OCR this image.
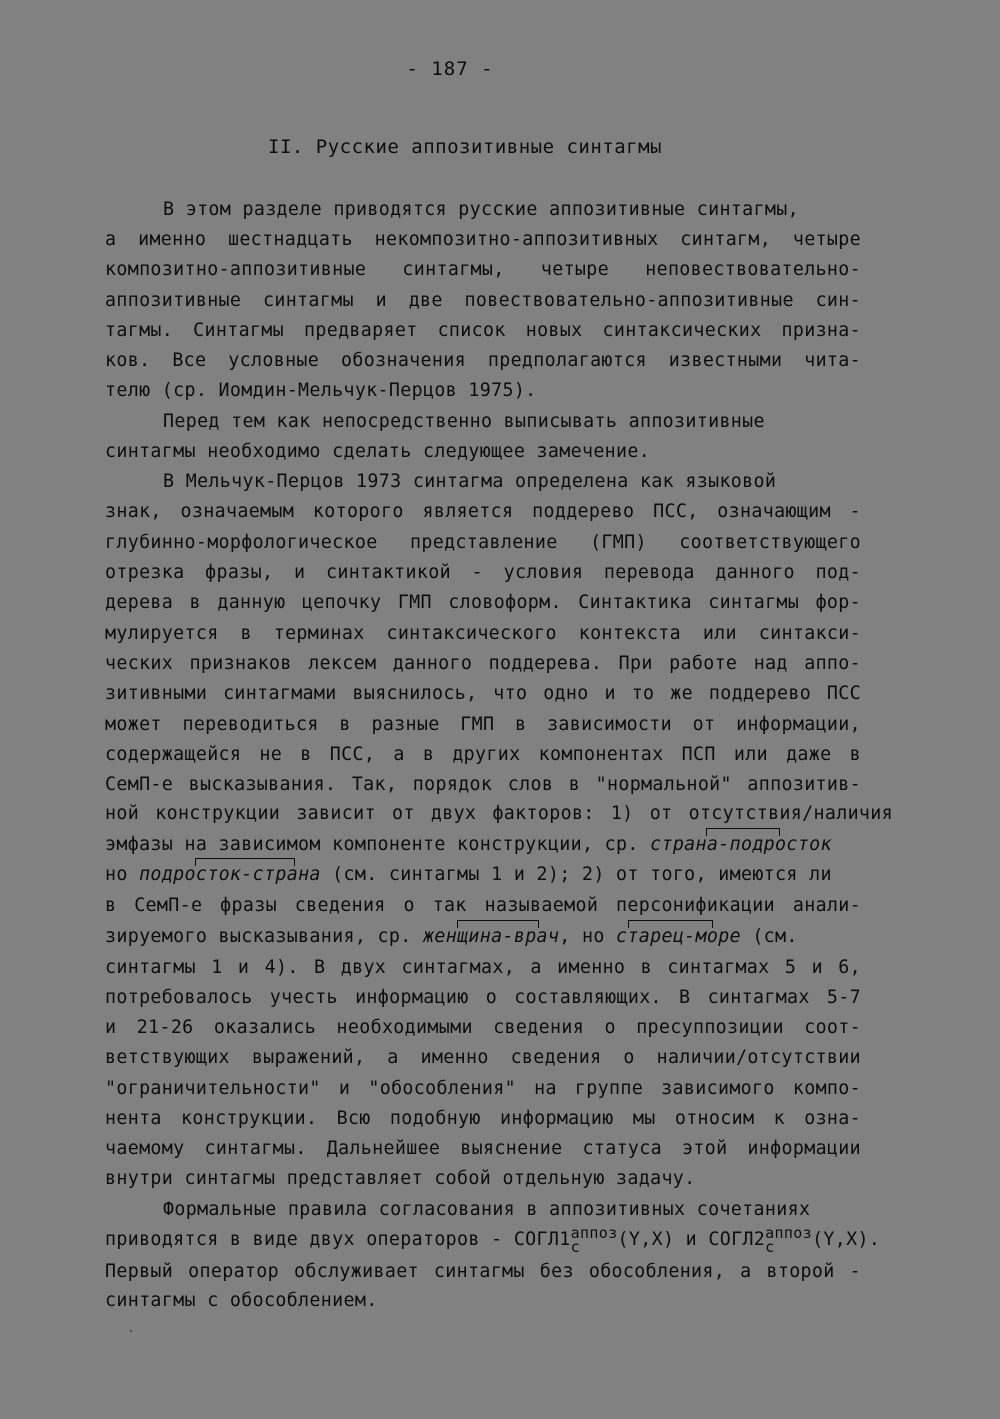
- 187 -
II. Русские аппозитивные синтагмы
В этом разделе приводятся русские аппозитивные синтагмы,
а именно шестнадцать некомпозитно-аппозитивных синтагм, четыре
композитно-аппозитивные синтагмы, четыре неповествовательно-
аппозитивные синтагмы и две повествовательно-аппозитивные син-
тагмы. Синтагмы предваряет список новых синтаксических призна-
ков. Все условные обозначения предполагаются известными чита-
телю (ср. Иомдин-Мельчук-Перцов 1975).
Перед тем как непосредственно выписывать аппозитивные
синтагмы необходимо сделать следующее замечение.
В Мельчук-Перцов 1973 синтагма определена как языковой
знак, означаемым которого является поддерево ПСС, означающим -
глубинно-морфологическое представление (ГМП) соответствующего
отрезка фразы, и синтактикой - условия перевода данного под-
дерева в данную цепочку ГМП словоформ. Синтактика синтагмы фор-
мулируется в терминах синтаксического контекста или синтакси-
ческих признаков лексем данного поддерева. При работе над аппо-
зитивными синтагмами выяснилось, что одно и то же поддерево ПСС
может переводиться в разные ГМП в зависимости от информации,
содержащейся не в ПСС, а в других компонентах ПСП или даже в
СемП-е высказывания. Так, порядок слов в "нормальной" аппозитив-
ной конструкции зависит от двух факторов: 1) от отсутствия/наличия
эмфазы на зависимом компоненте конструкции, ср. страна-подросток
но подросток-страна
(см. синтагмы 1 и 2); 2) от того, имеются ли
в СемП-е фразы сведения о так называемой персонификации анали-
зируемого высказывания, ср. женщина-врач
, но старец-море
(см.
синтагмы 1 и 4). В двух синтагмах, а именно в синтагмах 5 и 6,
потребовалось учесть информацию о составляющих. В синтагмах 5-7
и 21-26 оказались необходимыми сведения о пресуппозиции соот-
ветствующих выражений, а именно сведения о наличии/отсутствии
"ограничительности" и "обособления" на группе зависимого компо-
нента конструкции. Всю подобную информацию мы относим к озна-
чаемому синтагмы. Дальнейшее выяснение статуса этой информации
внутри синтагмы представляет собой отдельную задачу.
Формальные правила согласования в аппозитивных сочетаниях
приводятся в виде двух операторов - СОГЛ1 аппоз
с	(Y,X) и СОГЛ2 аппоз
с	(Y,X).
Первый оператор обслуживает синтагмы без обособления, а второй -
синтагмы с обособлением.
